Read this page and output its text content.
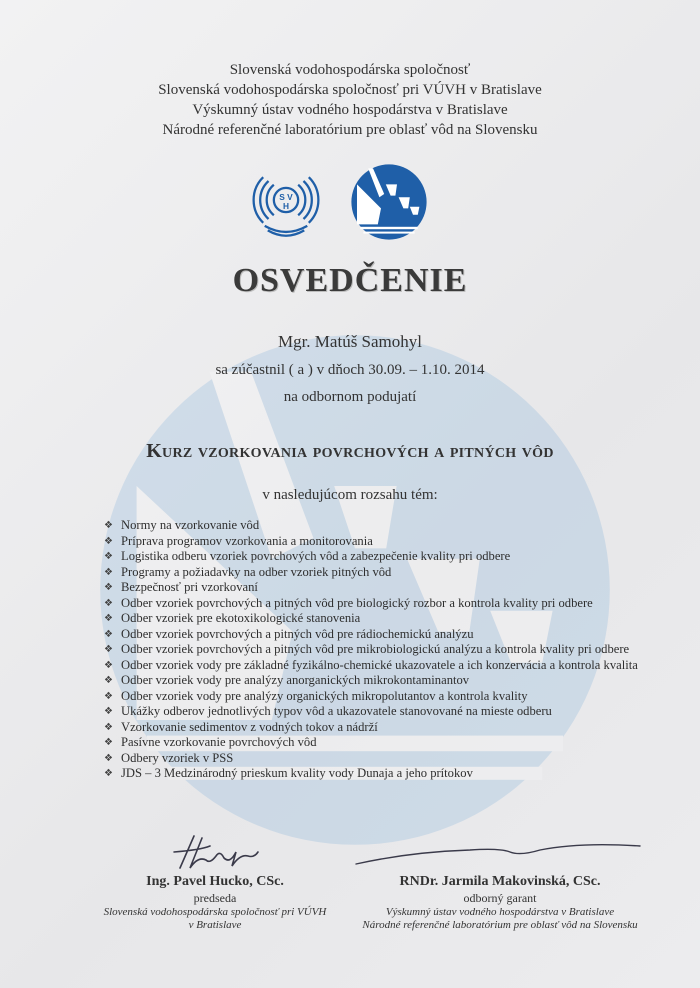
Slovenská vodohospodárska spoločnosť
Slovenská vodohospodárska spoločnosť pri VÚVH v Bratislave
Výskumný ústav vodného hospodárstva v Bratislave
Národné referenčné laboratórium pre oblasť vôd na Slovensku
S V
H
OSVEDČENIE
Mgr. Matúš Samohyl
sa zúčastnil ( a ) v dňoch 30.09. – 1.10. 2014
na odbornom podujatí
Kurz vzorkovania povrchových a pitných vôd
v nasledujúcom rozsahu tém:
❖ Normy na vzorkovanie vôd
❖ Príprava programov vzorkovania a monitorovania
❖ Logistika odberu vzoriek povrchových vôd a zabezpečenie kvality pri odbere
❖ Programy a požiadavky na odber vzoriek pitných vôd
❖ Bezpečnosť pri vzorkovaní
❖ Odber vzoriek povrchových a pitných vôd pre biologický rozbor a kontrola kvality pri odbere
❖ Odber vzoriek pre ekotoxikologické stanovenia
❖ Odber vzoriek povrchových a pitných vôd pre rádiochemickú analýzu
❖ Odber vzoriek povrchových a pitných vôd pre mikrobiologickú analýzu a kontrola kvality pri odbere
❖ Odber vzoriek vody pre základné fyzikálno-chemické ukazovatele a ich konzervácia a kontrola kvalita
❖ Odber vzoriek vody pre analýzy anorganických mikrokontaminantov
❖ Odber vzoriek vody pre analýzy organických mikropolutantov a kontrola kvality
❖ Ukážky odberov jednotlivých typov vôd a ukazovatele stanovované na mieste odberu
❖ Vzorkovanie sedimentov z vodných tokov a nádrží
❖ Pasívne vzorkovanie povrchových vôd
❖ Odbery vzoriek v PSS
❖ JDS – 3 Medzinárodný prieskum kvality vody Dunaja a jeho prítokov
Ing. Pavel Hucko, CSc.
predseda
Slovenská vodohospodárska spoločnosť pri VÚVH
v Bratislave
RNDr. Jarmila Makovinská, CSc.
odborný garant
Výskumný ústav vodného hospodárstva v Bratislave
Národné referenčné laboratórium pre oblasť vôd na Slovensku
